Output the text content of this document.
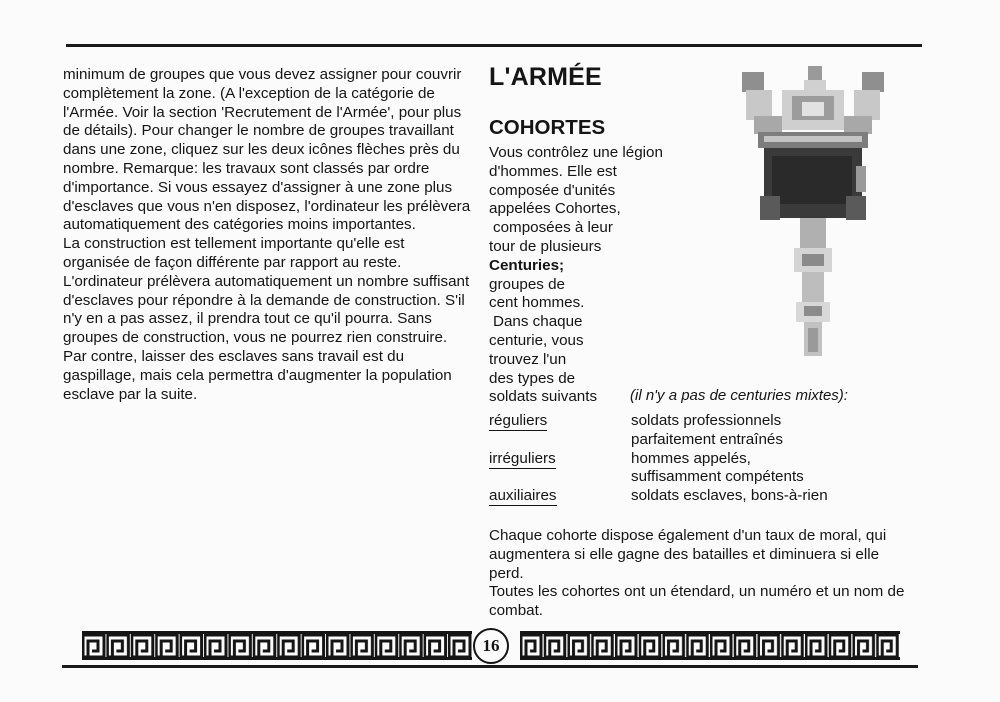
minimum de groupes que vous devez assigner pour couvrir complètement la zone. (A l'exception de la catégorie de l'Armée. Voir la section 'Recrutement de l'Armée', pour plus de détails). Pour changer le nombre de groupes travaillant dans une zone, cliquez sur les deux icônes flèches près du nombre. Remarque: les travaux sont classés par ordre d'importance. Si vous essayez d'assigner à une zone plus d'esclaves que vous n'en disposez, l'ordinateur les prélèvera automatiquement des catégories moins importantes.

La construction est tellement importante qu'elle est organisée de façon différente par rapport au reste. L'ordinateur prélèvera automatiquement un nombre suffisant d'esclaves pour répondre à la demande de construction. S'il n'y en a pas assez, il prendra tout ce qu'il pourra. Sans groupes de construction, vous ne pourrez rien construire.

Par contre, laisser des esclaves sans travail est du gaspillage, mais cela permettra d'augmenter la population esclave par la suite.

L'ARMÉE
COHORTES
Vous contrôlez une légion
d'hommes. Elle est
composée d'unités
appelées Cohortes,
composées à leur
tour de plusieurs
Centuries;
groupes de
cent hommes.
Dans chaque
centurie, vous
trouvez l'un
des types de
soldats suivants	(il n'y a pas de centuries mixtes):
réguliers	soldats professionnels
parfaitement entraînés
irréguliers	hommes appelés,
suffisamment compétents
auxiliaires	soldats esclaves, bons-à-rien

Chaque cohorte dispose également d'un taux de moral, qui augmentera si elle gagne des batailles et diminuera si elle perd.

Toutes les cohortes ont un étendard, un numéro et un nom de combat.

16
